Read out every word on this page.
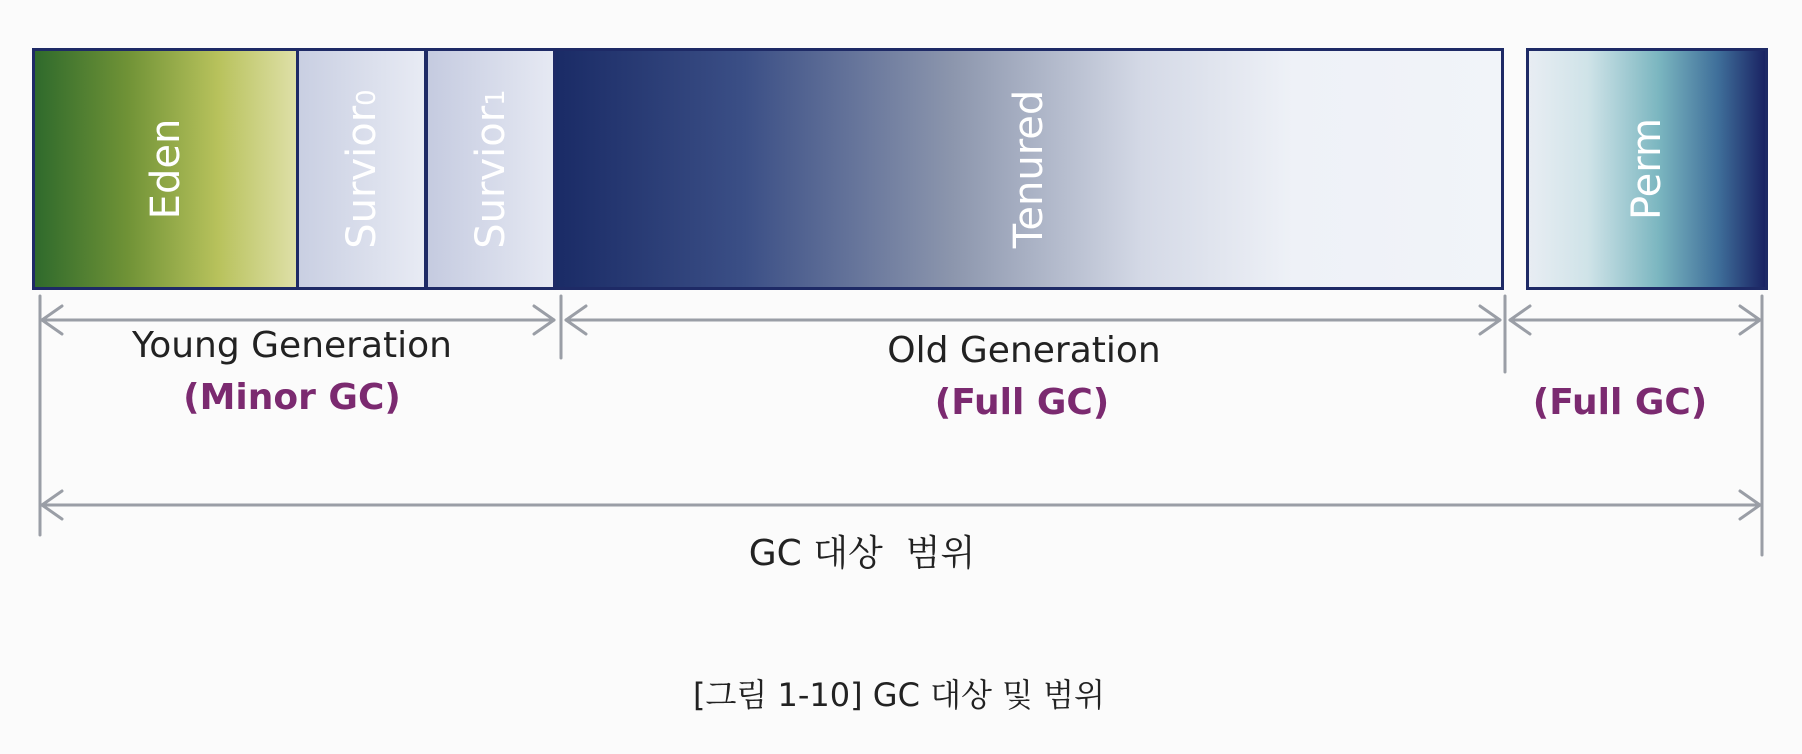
Eden	Survior0
Survior1	Tenured	Perm
Young Generation
(Minor GC)
Old Generation
(Full GC)	(Full GC)
GC 대상  범위
[그림 1-10] GC 대상 및 범위
